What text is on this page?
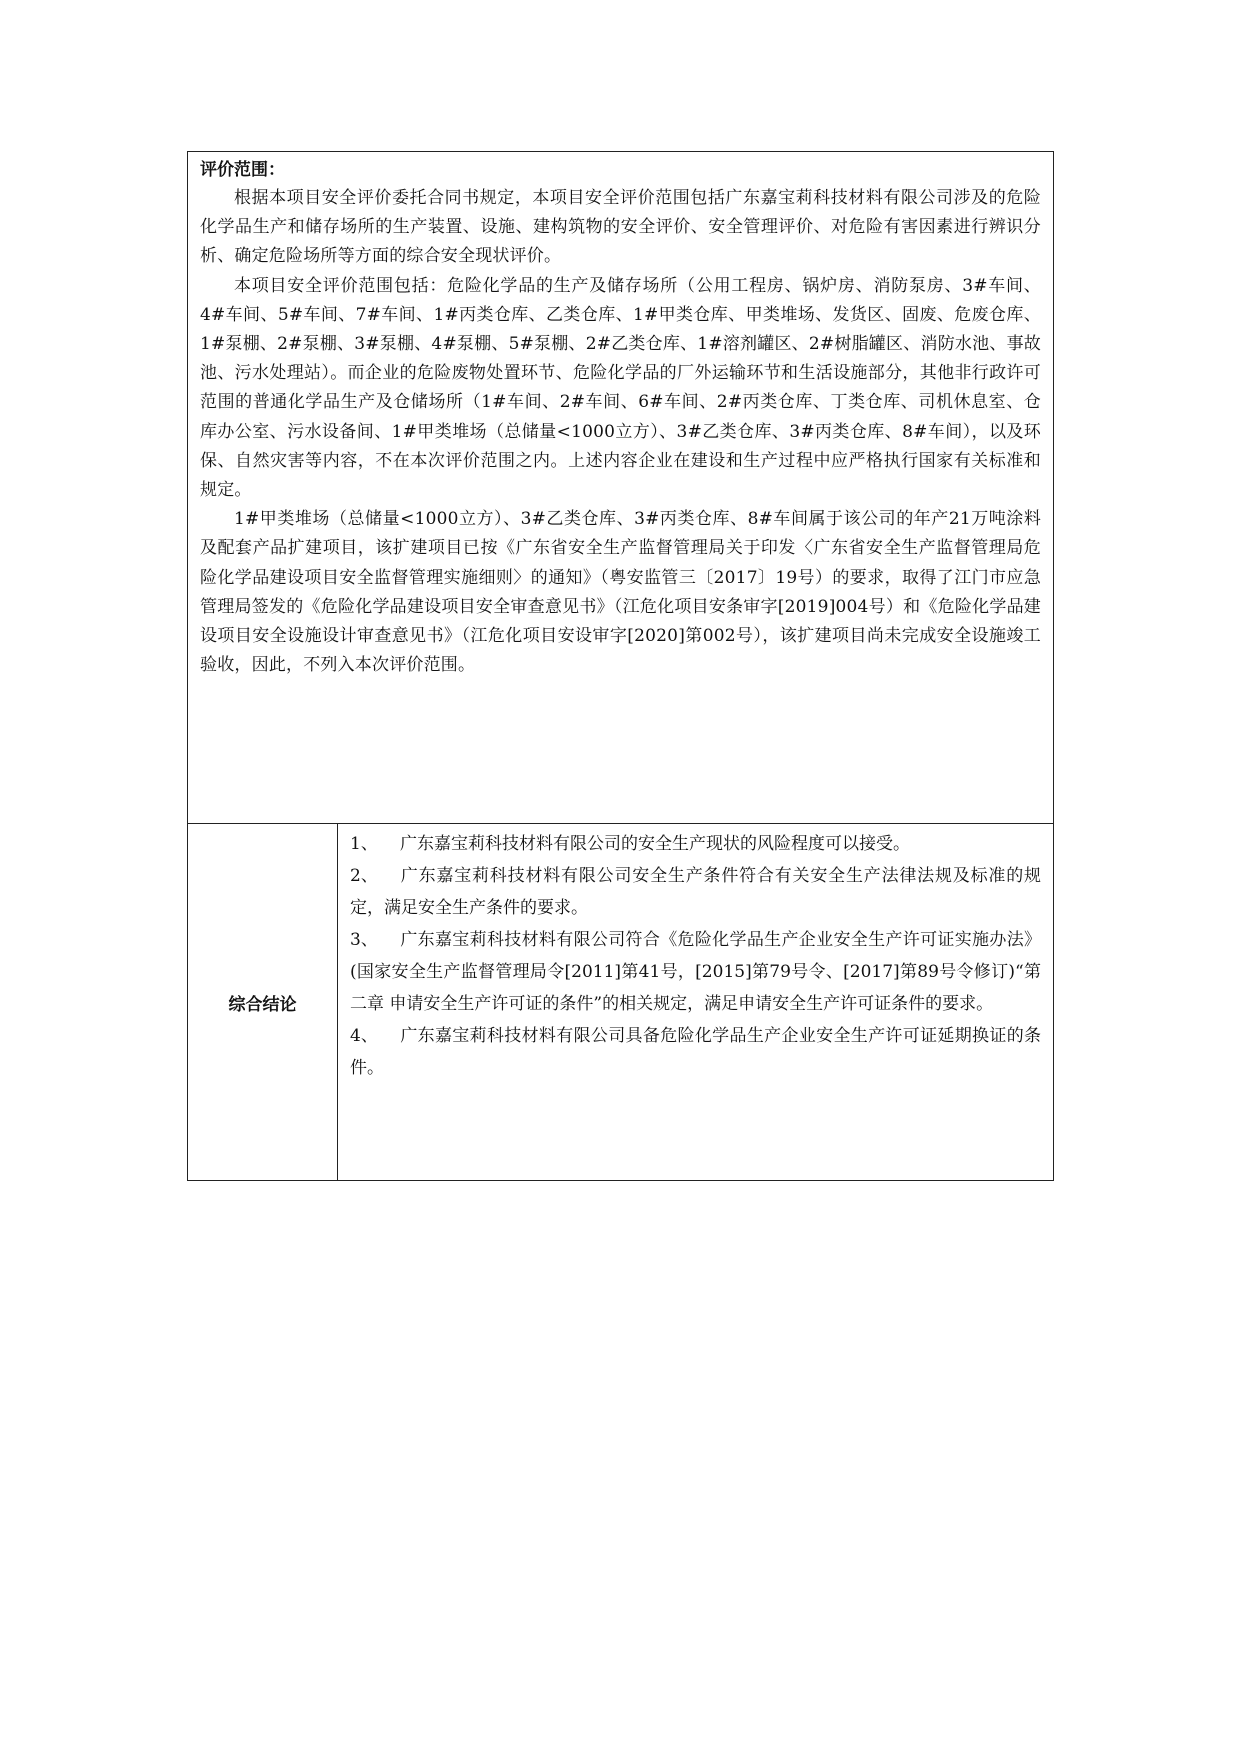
评价范围：

根据本项目安全评价委托合同书规定，本项目安全评价范围包括广东嘉宝莉科技材料有限公司涉及的危险化学品生产和储存场所的生产装置、设施、建构筑物的安全评价、安全管理评价、对危险有害因素进行辨识分析、确定危险场所等方面的综合安全现状评价。

本项目安全评价范围包括：危险化学品的生产及储存场所（公用工程房、锅炉房、消防泵房、3#车间、4#车间、5#车间、7#车间、1#丙类仓库、乙类仓库、1#甲类仓库、甲类堆场、发货区、固废、危废仓库、1#泵棚、2#泵棚、3#泵棚、4#泵棚、5#泵棚、2#乙类仓库、1#溶剂罐区、2#树脂罐区、消防水池、事故池、污水处理站）。而企业的危险废物处置环节、危险化学品的厂外运输环节和生活设施部分，其他非行政许可范围的普通化学品生产及仓储场所（1#车间、2#车间、6#车间、2#丙类仓库、丁类仓库、司机休息室、仓库办公室、污水设备间、1#甲类堆场（总储量<1000立方）、3#乙类仓库、3#丙类仓库、8#车间），以及环保、自然灾害等内容，不在本次评价范围之内。上述内容企业在建设和生产过程中应严格执行国家有关标准和规定。

1#甲类堆场（总储量<1000立方）、3#乙类仓库、3#丙类仓库、8#车间属于该公司的年产21万吨涂料及配套产品扩建项目，该扩建项目已按《广东省安全生产监督管理局关于印发〈广东省安全生产监督管理局危险化学品建设项目安全监督管理实施细则〉的通知》（粤安监管三〔2017〕19号）的要求，取得了江门市应急管理局签发的《危险化学品建设项目安全审查意见书》（江危化项目安条审字[2019]004号）和《危险化学品建设项目安全设施设计审查意见书》（江危化项目安设审字[2020]第002号），该扩建项目尚未完成安全设施竣工验收，因此，不列入本次评价范围。

综合结论	

1、 广东嘉宝莉科技材料有限公司的安全生产现状的风险程度可以接受。

2、 广东嘉宝莉科技材料有限公司安全生产条件符合有关安全生产法律法规及标准的规定，满足安全生产条件的要求。

3、 广东嘉宝莉科技材料有限公司符合《危险化学品生产企业安全生产许可证实施办法》(国家安全生产监督管理局令[2011]第41号，[2015]第79号令、[2017]第89号令修订)“第二章 申请安全生产许可证的条件”的相关规定，满足申请安全生产许可证条件的要求。

4、 广东嘉宝莉科技材料有限公司具备危险化学品生产企业安全生产许可证延期换证的条件。
